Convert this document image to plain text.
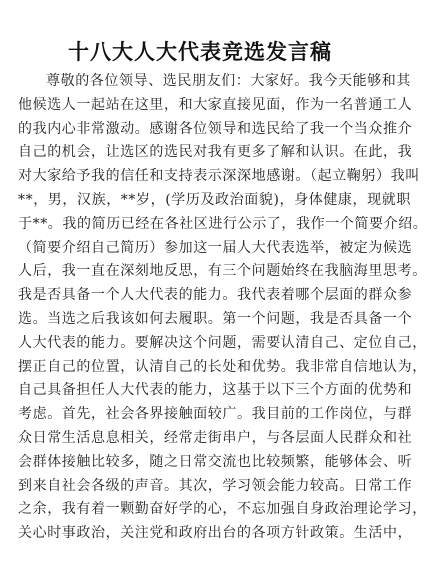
十八大人大代表竞选发言稿
尊敬的各位领导、选民朋友们：大家好。我今天能够和其
他候选人一起站在这里，和大家直接见面，作为一名普通工人
的我内心非常激动。感谢各位领导和选民给了我一个当众推介
自己的机会，让选区的选民对我有更多了解和认识。在此，我
对大家给予我的信任和支持表示深深地感谢。（起立鞠躬）我叫
**，男，汉族，**岁，(学历及政治面貌)，身体健康，现就职
于**。我的简历已经在各社区进行公示了，我作一个简要介绍。
（简要介绍自己简历）参加这一届人大代表选举，被定为候选
人后，我一直在深刻地反思，有三个问题始终在我脑海里思考。
我是否具备一个人大代表的能力。我代表着哪个层面的群众参
选。当选之后我该如何去履职。第一个问题，我是否具备一个
人大代表的能力。要解决这个问题，需要认清自己、定位自己，
摆正自己的位置，认清自己的长处和优势。我非常自信地认为，
自己具备担任人大代表的能力，这基于以下三个方面的优势和
考虑。首先，社会各界接触面较广。我目前的工作岗位，与群
众日常生活息息相关，经常走街串户，与各层面人民群众和社
会群体接触比较多，随之日常交流也比较频繁，能够体会、听
到来自社会各级的声音。其次，学习领会能力较高。日常工作
之余，我有着一颗勤奋好学的心，不忘加强自身政治理论学习，
关心时事政治，关注党和政府出台的各项方针政策。生活中，
